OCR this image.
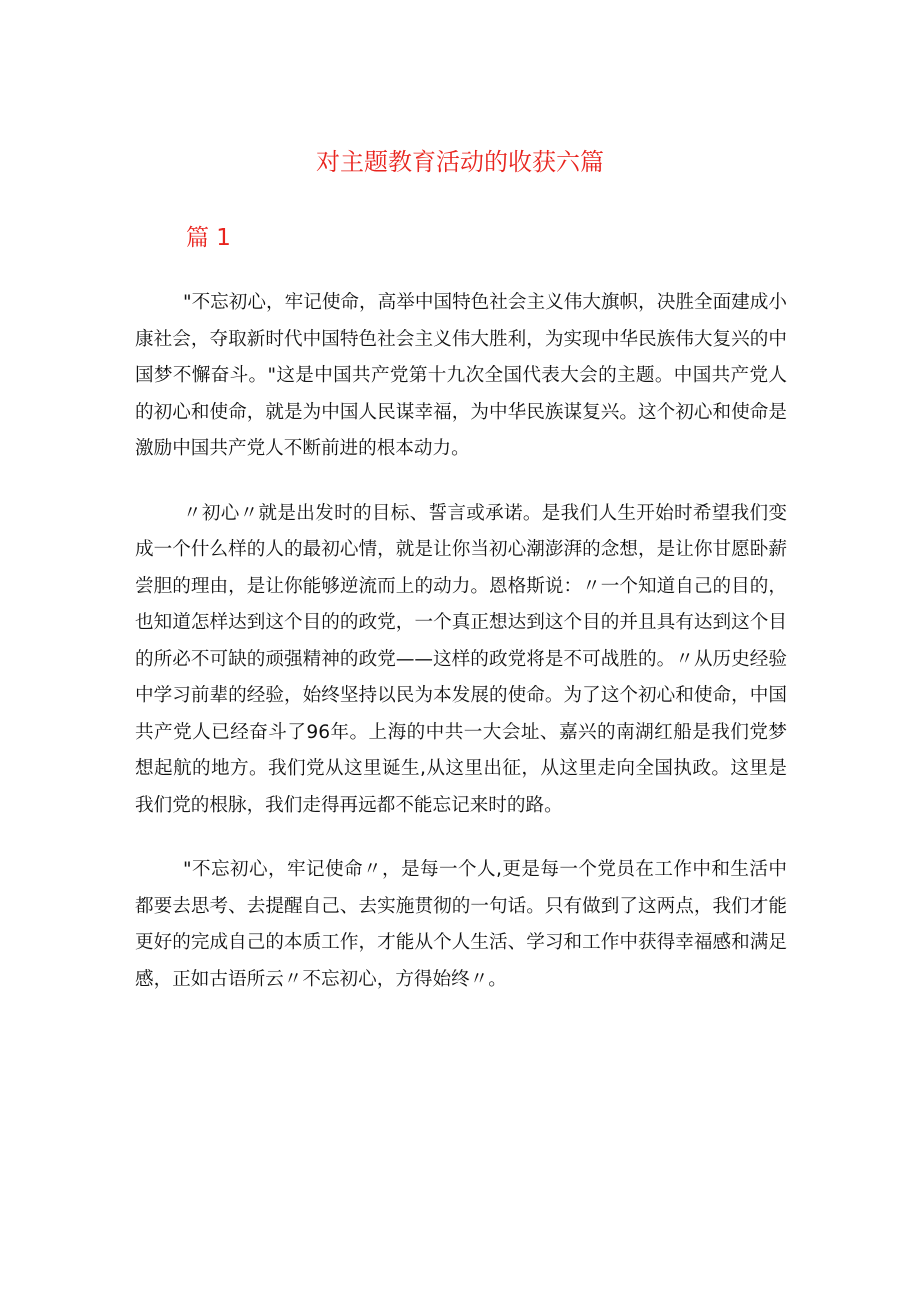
对主题教育活动的收获六篇
篇 1

"不忘初心，牢记使命，高举中国特色社会主义伟大旗帜，决胜全面建成小康社会，夺取新时代中国特色社会主义伟大胜利，为实现中华民族伟大复兴的中国梦不懈奋斗。"这是中国共产党第十九次全国代表大会的主题。中国共产党人的初心和使命，就是为中国人民谋幸福，为中华民族谋复兴。这个初心和使命是激励中国共产党人不断前进的根本动力。

〃初心〃就是出发时的目标、誓言或承诺。是我们人生开始时希望我们变成一个什么样的人的最初心情，就是让你当初心潮澎湃的念想，是让你甘愿卧薪尝胆的理由，是让你能够逆流而上的动力。恩格斯说：〃一个知道自己的目的，也知道怎样达到这个目的的政党，一个真正想达到这个目的并且具有达到这个目的所必不可缺的顽强精神的政党——这样的政党将是不可战胜的。〃从历史经验中学习前辈的经验，始终坚持以民为本发展的使命。为了这个初心和使命，中国共产党人已经奋斗了96年。上海的中共一大会址、嘉兴的南湖红船是我们党梦想起航的地方。我们党从这里诞生,从这里出征，从这里走向全国执政。这里是我们党的根脉，我们走得再远都不能忘记来时的路。

"不忘初心，牢记使命〃，是每一个人,更是每一个党员在工作中和生活中都要去思考、去提醒自己、去实施贯彻的一句话。只有做到了这两点，我们才能更好的完成自己的本质工作，才能从个人生活、学习和工作中获得幸福感和满足感，正如古语所云〃不忘初心，方得始终〃。
